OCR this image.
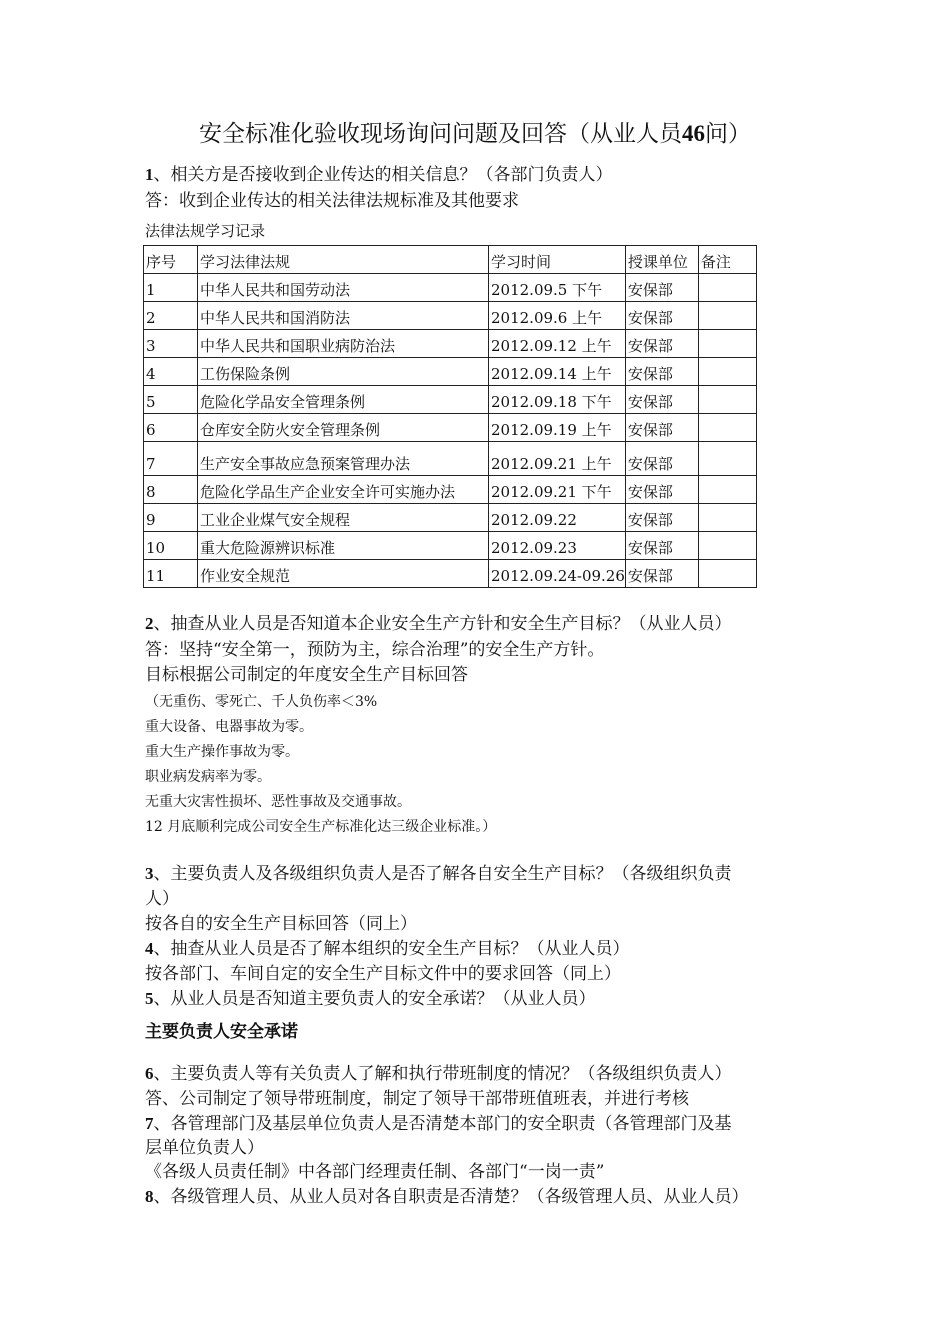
安全标准化验收现场询问问题及回答（从业人员46问）
1、相关方是否接收到企业传达的相关信息？（各部门负责人）
答：收到企业传达的相关法律法规标准及其他要求
法律法规学习记录
序号	学习法律法规	学习时间	授课单位	备注
1	中华人民共和国劳动法	2012.09.5 下午	安保部	
2	中华人民共和国消防法	2012.09.6 上午	安保部	
3	中华人民共和国职业病防治法	2012.09.12 上午	安保部	
4	工伤保险条例	2012.09.14 上午	安保部	
5	危险化学品安全管理条例	2012.09.18 下午	安保部	
6	仓库安全防火安全管理条例	2012.09.19 上午	安保部	
7	生产安全事故应急预案管理办法	2012.09.21 上午	安保部	
8	危险化学品生产企业安全许可实施办法	2012.09.21 下午	安保部	
9	工业企业煤气安全规程	2012.09.22	安保部	
10	重大危险源辨识标准	2012.09.23	安保部	
11	作业安全规范	2012.09.24-09.26	安保部	
2、抽查从业人员是否知道本企业安全生产方针和安全生产目标？（从业人员）
答：坚持“安全第一，预防为主，综合治理”的安全生产方针。
目标根据公司制定的年度安全生产目标回答
（无重伤、零死亡、千人负伤率＜3%
重大设备、电器事故为零。
重大生产操作事故为零。
职业病发病率为零。
无重大灾害性损坏、恶性事故及交通事故。
12 月底顺利完成公司安全生产标准化达三级企业标准。）
3、主要负责人及各级组织负责人是否了解各自安全生产目标？（各级组织负责
人）
按各自的安全生产目标回答（同上）
4、抽查从业人员是否了解本组织的安全生产目标？（从业人员）
按各部门、车间自定的安全生产目标文件中的要求回答（同上）
5、从业人员是否知道主要负责人的安全承诺？（从业人员）
主要负责人安全承诺
6、主要负责人等有关负责人了解和执行带班制度的情况？（各级组织负责人）
答、公司制定了领导带班制度，制定了领导干部带班值班表，并进行考核
7、各管理部门及基层单位负责人是否清楚本部门的安全职责（各管理部门及基
层单位负责人）
《各级人员责任制》中各部门经理责任制、各部门“一岗一责”
8、各级管理人员、从业人员对各自职责是否清楚？（各级管理人员、从业人员）
